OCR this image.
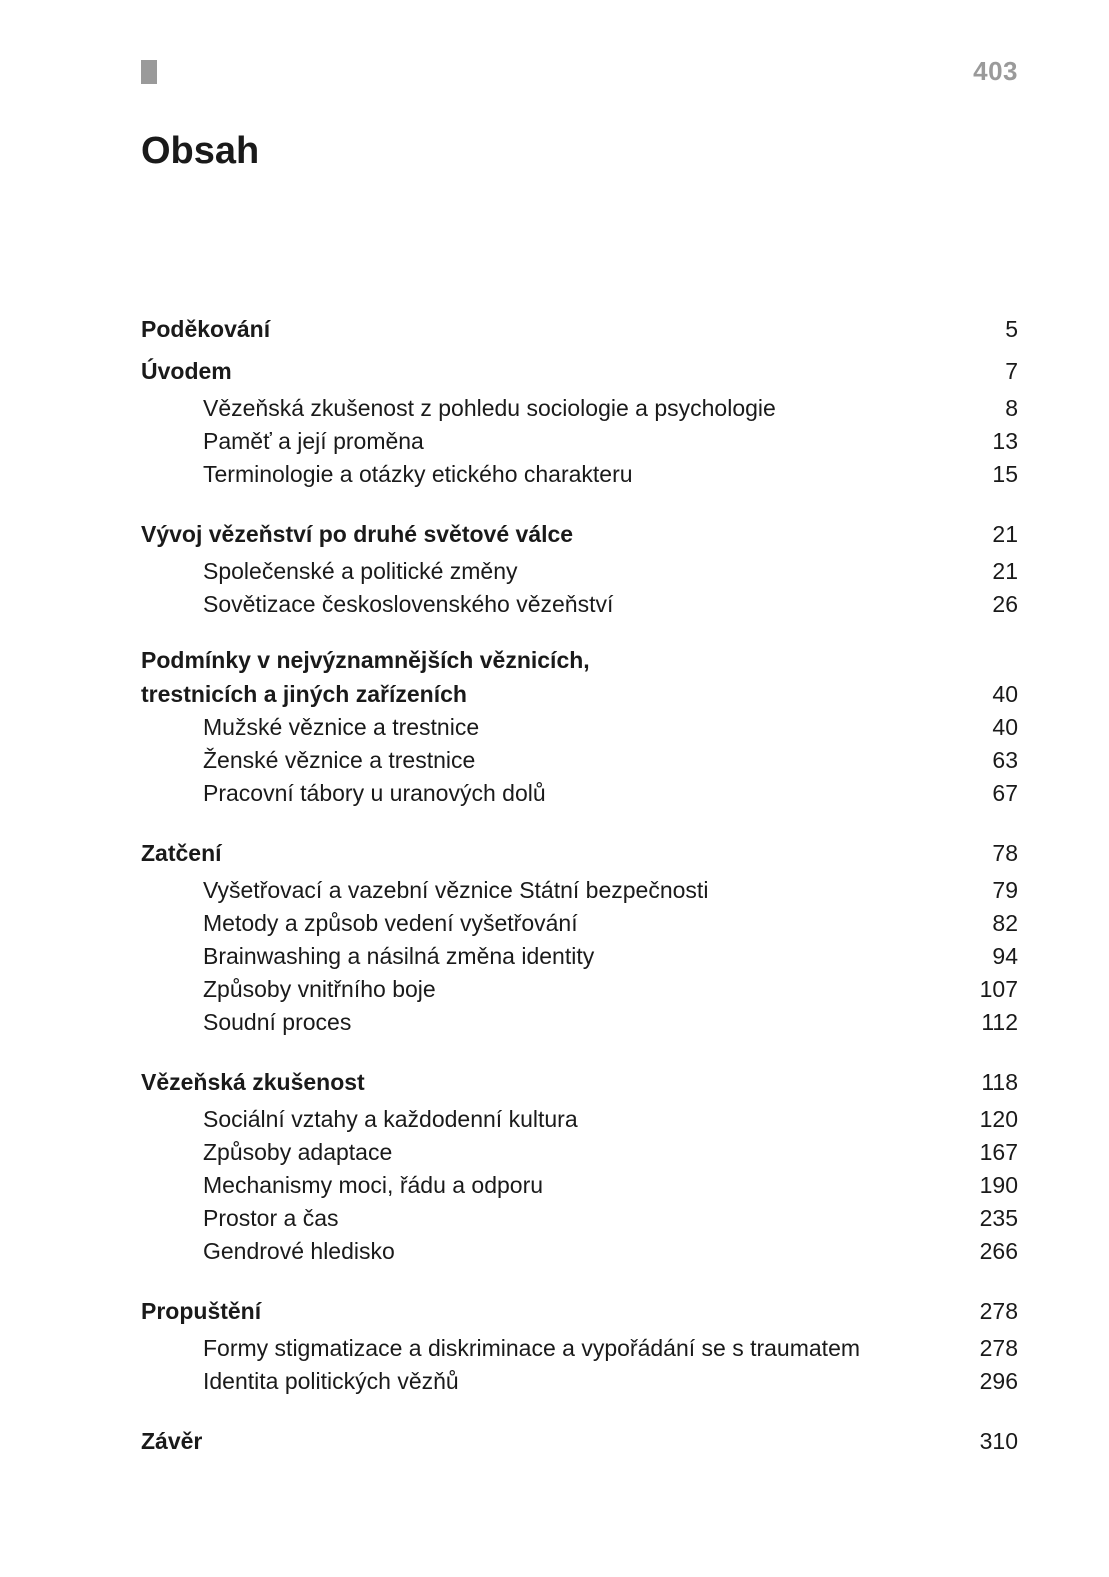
403
Obsah
Poděkování	5
Úvodem	7
Vězeňská zkušenost z pohledu sociologie a psychologie	8
Paměť a její proměna	13
Terminologie a otázky etického charakteru	15
Vývoj vězeňství po druhé světové válce	21
Společenské a politické změny	21
Sovětizace československého vězeňství	26
Podmínky v nejvýznamnějších věznicích,
trestnicích a jiných zařízeních	40
Mužské věznice a trestnice	40
Ženské věznice a trestnice	63
Pracovní tábory u uranových dolů	67
Zatčení	78
Vyšetřovací a vazební věznice Státní bezpečnosti	79
Metody a způsob vedení vyšetřování	82
Brainwashing a násilná změna identity	94
Způsoby vnitřního boje	107
Soudní proces	112
Vězeňská zkušenost	118
Sociální vztahy a každodenní kultura	120
Způsoby adaptace	167
Mechanismy moci, řádu a odporu	190
Prostor a čas	235
Gendrové hledisko	266
Propuštění	278
Formy stigmatizace a diskriminace a vypořádání se s traumatem	278
Identita politických vězňů	296
Závěr	310
